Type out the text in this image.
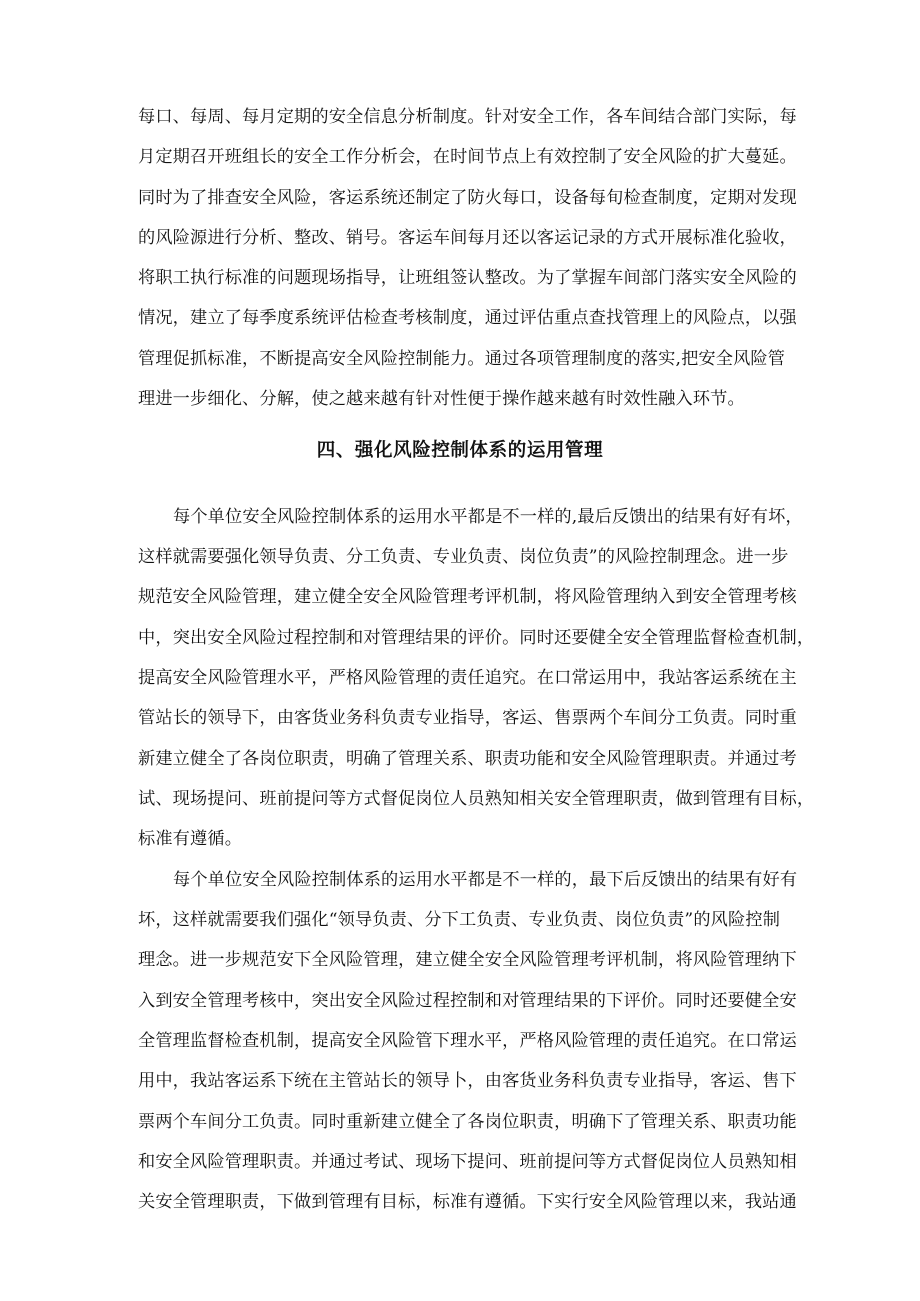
每口、每周、每月定期的安全信息分析制度。针对安全工作，各车间结合部门实际，每

月定期召开班组长的安全工作分析会，在时间节点上有效控制了安全风险的扩大蔓延。

同时为了排查安全风险，客运系统还制定了防火每口，设备每旬检查制度，定期对发现

的风险源进行分析、整改、销号。客运车间每月还以客运记录的方式开展标准化验收，

将职工执行标准的问题现场指导，让班组签认整改。为了掌握车间部门落实安全风险的

情况，建立了每季度系统评估检查考核制度，通过评估重点查找管理上的风险点，以强

管理促抓标准，不断提高安全风险控制能力。通过各项管理制度的落实,把安全风险管

理进一步细化、分解，使之越来越有针对性便于操作越来越有时效性融入环节。

四、强化风险控制体系的运用管理

每个单位安全风险控制体系的运用水平都是不一样的,最后反馈出的结果有好有坏，

这样就需要强化领导负责、分工负责、专业负责、岗位负责”的风险控制理念。进一步

规范安全风险管理，建立健全安全风险管理考评机制，将风险管理纳入到安全管理考核

中，突出安全风险过程控制和对管理结果的评价。同时还要健全安全管理监督检查机制，

提高安全风险管理水平，严格风险管理的责任追究。在口常运用中，我站客运系统在主

管站长的领导下，由客货业务科负责专业指导，客运、售票两个车间分工负责。同时重

新建立健全了各岗位职责，明确了管理关系、职责功能和安全风险管理职责。并通过考

试、现场提问、班前提问等方式督促岗位人员熟知相关安全管理职责，做到管理有目标，

标准有遵循。

每个单位安全风险控制体系的运用水平都是不一样的，最下后反馈出的结果有好有

坏，这样就需要我们强化“领导负责、分下工负责、专业负责、岗位负责”的风险控制

理念。进一步规范安下全风险管理，建立健全安全风险管理考评机制，将风险管理纳下

入到安全管理考核中，突出安全风险过程控制和对管理结果的下评价。同时还要健全安

全管理监督检查机制，提高安全风险管下理水平，严格风险管理的责任追究。在口常运

用中，我站客运系下统在主管站长的领导卜，由客货业务科负责专业指导，客运、售下

票两个车间分工负责。同时重新建立健全了各岗位职责，明确下了管理关系、职责功能

和安全风险管理职责。并通过考试、现场下提问、班前提问等方式督促岗位人员熟知相

关安全管理职责，下做到管理有目标，标准有遵循。下实行安全风险管理以来，我站通
